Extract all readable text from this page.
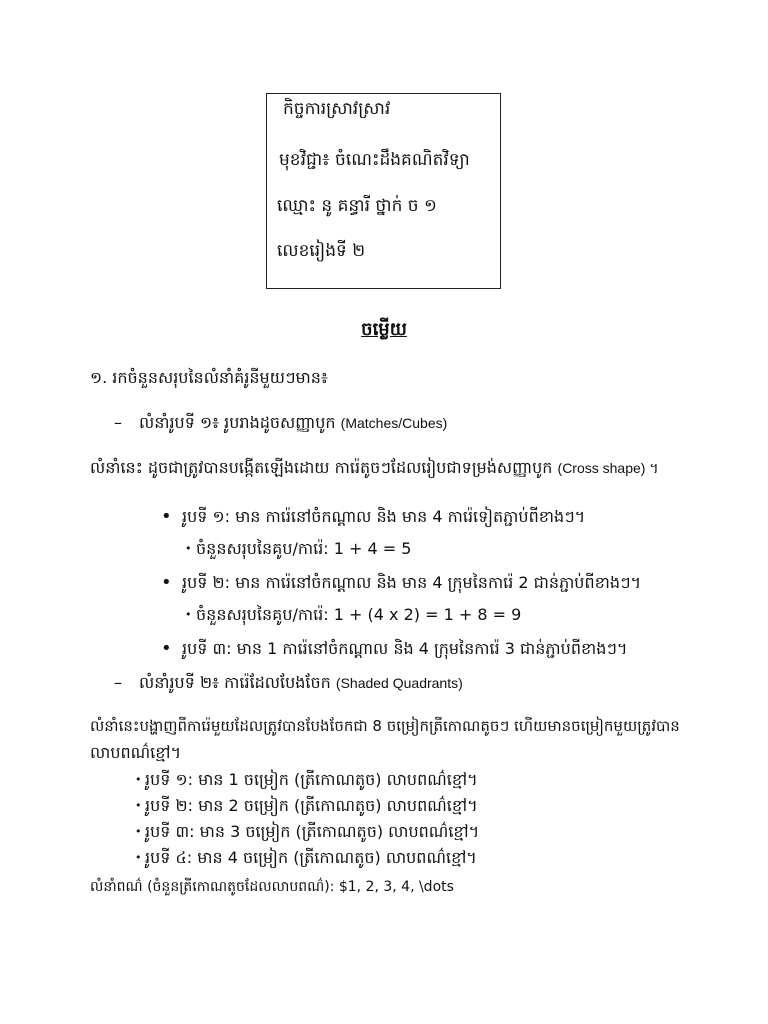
កិច្ចការស្រាវស្រាវ
មុខវិជ្ជា៖ ចំណេះដឹងគណិតវិទ្យា
ឈ្មោះ នូ គន្ធារី ថ្នាក់ ច ១
លេខរៀងទី ២
ចម្លើយ
១. រកចំនួនសរុបនៃលំនាំគំរូនីមួយៗមាន៖
– លំនាំរូបទី ១៖ រូបរាងដូចសញ្ញាបូក (Matches/Cubes)
លំនាំនេះ ដូចជាត្រូវបានបង្កើតឡើងដោយ ការ៉េតូចៗដែលរៀបជាទម្រង់សញ្ញាបូក (Cross shape) ។
• រូបទី ១: មាន ការ៉េនៅចំកណ្ដាល និង មាន 4 ការ៉េទៀតភ្ជាប់ពីខាងៗ។
• ចំនួនសរុបនៃគូប/ការ៉េ: 1 + 4 = 5
• រូបទី ២: មាន ការ៉េនៅចំកណ្ដាល និង មាន 4 ក្រុមនៃការ៉េ 2 ជាន់ភ្ជាប់ពីខាងៗ។
• ចំនួនសរុបនៃគូប/ការ៉េ: 1 + (4 x 2) = 1 + 8 = 9
• រូបទី ៣: មាន 1 ការ៉េនៅចំកណ្ដាល និង 4 ក្រុមនៃការ៉េ 3 ជាន់ភ្ជាប់ពីខាងៗ។
– លំនាំរូបទី ២៖ ការ៉េដែលបែងចែក (Shaded Quadrants)
លំនាំនេះបង្ហាញពីការ៉េមួយដែលត្រូវបានបែងចែកជា 8 ចម្រៀកត្រីកោណតូចៗ ហើយមានចម្រៀកមួយត្រូវបាន
លាបពណ៌ខ្មៅ។
• រូបទី ១: មាន 1 ចម្រៀក (ត្រីកោណតូច) លាបពណ៌ខ្មៅ។
• រូបទី ២: មាន 2 ចម្រៀក (ត្រីកោណតូច) លាបពណ៌ខ្មៅ។
• រូបទី ៣: មាន 3 ចម្រៀក (ត្រីកោណតូច) លាបពណ៌ខ្មៅ។
• រូបទី ៤: មាន 4 ចម្រៀក (ត្រីកោណតូច) លាបពណ៌ខ្មៅ។
លំនាំពណ៌ (ចំនួនត្រីកោណតូចដែលលាបពណ៌): $1, 2, 3, 4, \dots
